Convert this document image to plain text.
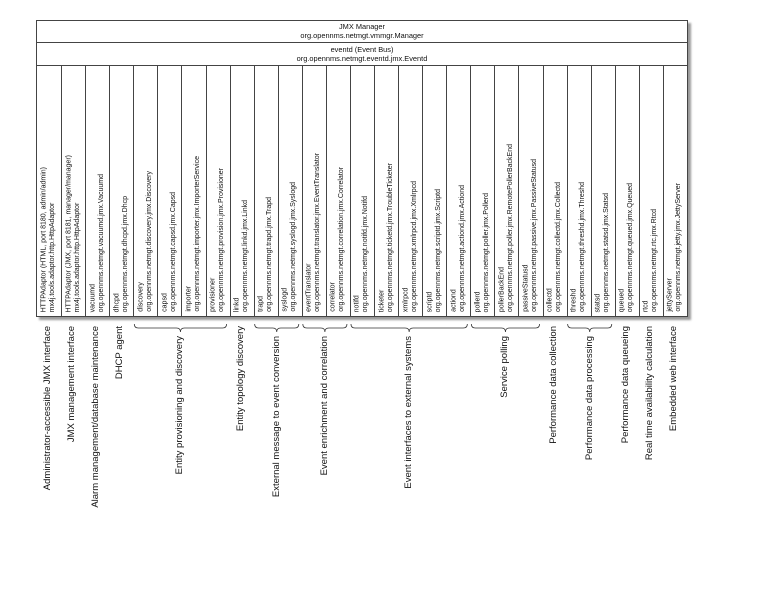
JMX Manager
org.opennms.netmgt.vmmgr.Manager
eventd (Event Bus)
org.opennms.netmgt.eventd.jmx.Eventd
HTTPAdaptor (HTML, port 8180, admin/admin) mx4j.tools.adaptor.http.HttpAdaptor HTTPAdaptor (JMX, port 8181, manager/manager) mx4j.tools.adaptor.http.HttpAdaptor vacuumd org.opennms.netmgt.vacuumd.jmx.Vacuumd dhcpd org.opennms.netmgt.dhcpd.jmx.Dhcp discovery org.opennms.netmgt.discovery.jmx.Discovery capsd org.opennms.netmgt.capsd.jmx.Capsd importer org.opennms.netmgt.importer.jmx.ImporterService provisioner org.opennms.netmgt.provision.jmx.Provisioner linkd org.opennms.netmgt.linkd.jmx.Linkd trapd org.opennms.netmgt.trapd.jmx.Trapd syslogd org.opennms.netmgt.syslogd.jmx.Syslogd eventTranslator org.opennms.netmgt.translator.jmx.EventTranslator correlator org.opennms.netmgt.correlation.jmx.Correlator notifd org.opennms.netmgt.notifd.jmx.Notifd ticketer org.opennms.netmgt.ticketd.jmx.TroubleTicketer xmlrpcd org.opennms.netmgt.xmlrpcd.jmx.Xmlrpcd scriptd org.opennms.netmgt.scriptd.jmx.Scriptd actiond org.opennms.netmgt.actiond.jmx.Actiond pollerd org.opennms.netmgt.poller.jmx.Pollerd pollerBackEnd org.opennms.netmgt.poller.jmx.RemotePollerBackEnd passiveStatusd org.opennms.netmgt.passive.jmx.PassiveStatusd collectd org.opennms.netmgt.collectd.jmx.Collectd threshd org.opennms.netmgt.threshd.jmx.Threshd statsd org.opennms.netmgt.statsd.jmx.Statsd queued org.opennms.netmgt.queued.jmx.Queued rtcd org.opennms.netmgt.rtc.jmx.Rtcd jettyServer org.opennms.netmgt.jetty.jmx.JettyServer
Administrator-accessible JMX interface JMX management interface Alarm management/database maintenance DHCP agent	Entity provisioning and discovery	Entity topology discovery	External message to event conversion	Event enrichment and correlation	Event interfaces to external systems	Service polling	Performance data collection	Performance data processing	Performance data queueing Real time availability calculation Embedded web interface
